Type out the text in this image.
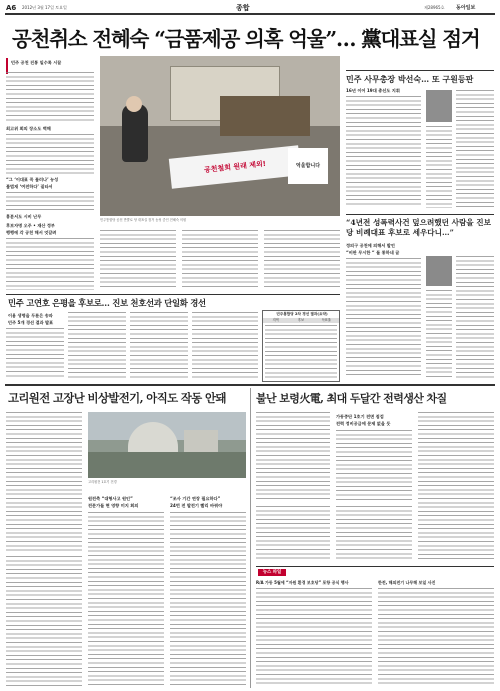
A6 2012년 3월 17일 토요일	종합	제28965호 동아일보
공천취소 전혜숙 “금품제공 의혹 억울”… 黨대표실 점거
민주 공천 진통 일수록 시끌
최고위 회의 장소도 벽해
“그 ‘이대표 꼭 물러나’ 농성
불법재 ‘여전하다’ 질타서
흥분서도 시비 난무
후보자명 오주 • 재산 정부
행행에 각 공천 해서 엇갈려
공천철회 원래 제외!	억울합니다
민주통합당 공천 반발로 당 대표실 점거 농성 중인 전혜숙 의원
민주 사무총장 박선숙… 또 구원등판
16년 이어 19대 총선도 지휘
“4년전 성폭력사건 덮으려했던 사람을 진보당 비례대표 후보로 세우다니…”
정의구 공천에 의해서 발언
“비판 무시한 “ 돌 통하네 글
민주 고연호 은평을 후보로… 진보 천호선과 단일화 경선
이용 생명을 두룬은 송파
민주 5개 경선 결과 발표
민주통합당 2차 경선 결과(요약)
지역	후보	득표율
고리원전 고장난 비상발전기, 아직도 작동 안돼
고리원전 1호기 전경
원전측 “대형사고 원인”
전문가들 현 영향 미지 회의
“조사 기간 연장 필요하다”
24번 전 발전기 빨리 바꿔야
불난 보령火電, 최대 두달간 전력생산 차질
가동중단 1호기 전면 점검
전력 정비공급에 문제 없을 듯
뉴스 파일
R/A 가동 5월에 “자원 환경 보호당” 포항 공식 행사	한전, 해외전기 나무해 보일 사진
